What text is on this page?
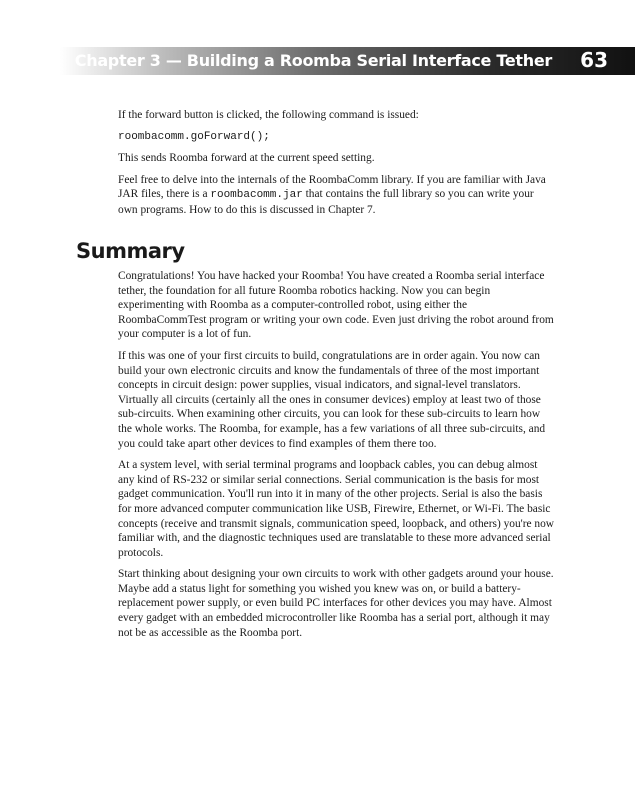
Chapter 3 — Building a Roomba Serial Interface Tether 63

If the forward button is clicked, the following command is issued:

roombacomm.goForward();

This sends Roomba forward at the current speed setting.

Feel free to delve into the internals of the RoombaComm library. If you are familiar with Java JAR files, there is a roombacomm.jar that contains the full library so you can write your own programs. How to do this is discussed in Chapter 7.

Summary

Congratulations! You have hacked your Roomba! You have created a Roomba serial interface tether, the foundation for all future Roomba robotics hacking. Now you can begin experimenting with Roomba as a computer-controlled robot, using either the RoombaCommTest program or writing your own code. Even just driving the robot around from your computer is a lot of fun.

If this was one of your first circuits to build, congratulations are in order again. You now can build your own electronic circuits and know the fundamentals of three of the most important concepts in circuit design: power supplies, visual indicators, and signal-level translators. Virtually all circuits (certainly all the ones in consumer devices) employ at least two of those sub-circuits. When examining other circuits, you can look for these sub-circuits to learn how the whole works. The Roomba, for example, has a few variations of all three sub-circuits, and you could take apart other devices to find examples of them there too.

At a system level, with serial terminal programs and loopback cables, you can debug almost any kind of RS-232 or similar serial connections. Serial communication is the basis for most gadget communication. You'll run into it in many of the other projects. Serial is also the basis for more advanced computer communication like USB, Firewire, Ethernet, or Wi-Fi. The basic concepts (receive and transmit signals, communication speed, loopback, and others) you're now familiar with, and the diagnostic techniques used are translatable to these more advanced serial protocols.

Start thinking about designing your own circuits to work with other gadgets around your house. Maybe add a status light for something you wished you knew was on, or build a battery-replacement power supply, or even build PC interfaces for other devices you may have. Almost every gadget with an embedded microcontroller like Roomba has a serial port, although it may not be as accessible as the Roomba port.
